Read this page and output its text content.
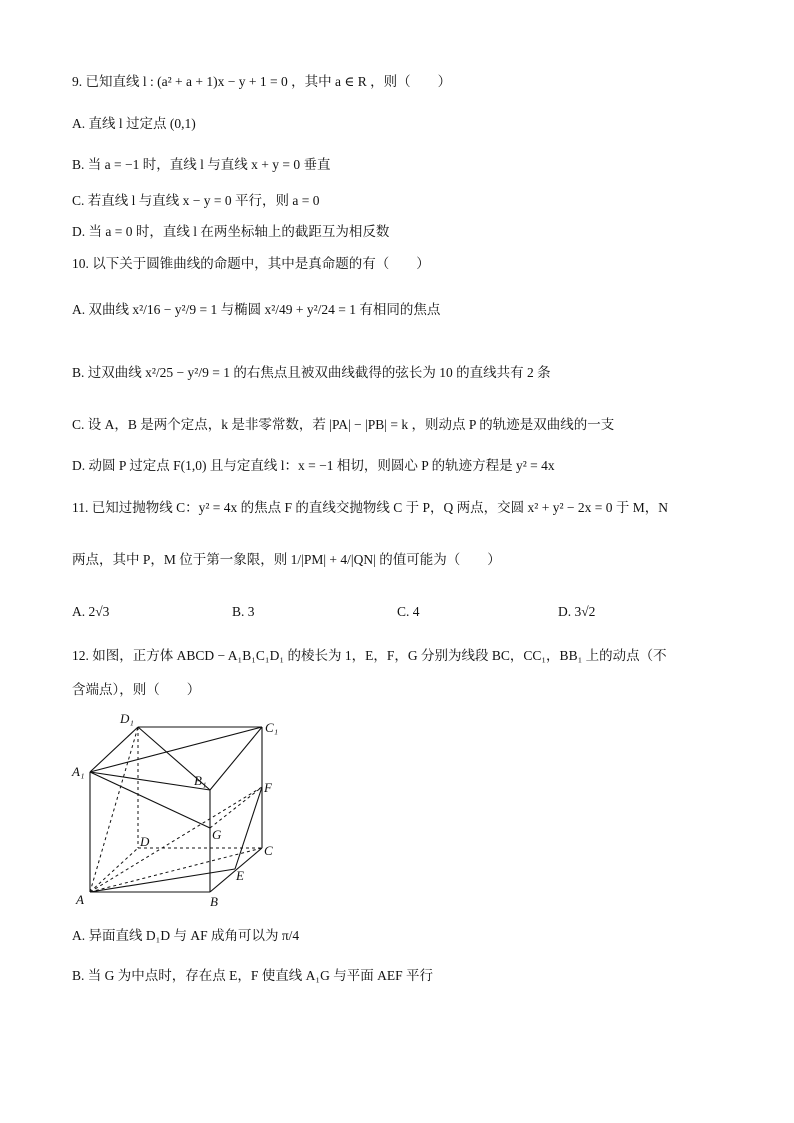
9. 已知直线 l : (a² + a + 1)x − y + 1 = 0 ，其中 a ∈ R ，则（　　）
A. 直线 l 过定点 (0,1)
B. 当 a = −1 时，直线 l 与直线 x + y = 0 垂直
C. 若直线 l 与直线 x − y = 0 平行，则 a = 0
D. 当 a = 0 时，直线 l 在两坐标轴上的截距互为相反数
10. 以下关于圆锥曲线的命题中，其中是真命题的有（　　）
A. 双曲线 x²/16 − y²/9 = 1 与椭圆 x²/49 + y²/24 = 1 有相同的焦点
B. 过双曲线 x²/25 − y²/9 = 1 的右焦点且被双曲线截得的弦长为 10 的直线共有 2 条
C. 设 A，B 是两个定点，k 是非零常数，若 |PA| − |PB| = k ，则动点 P 的轨迹是双曲线的一支
D. 动圆 P 过定点 F(1,0) 且与定直线 l：x = −1 相切，则圆心 P 的轨迹方程是 y² = 4x
11. 已知过抛物线 C：y² = 4x 的焦点 F 的直线交抛物线 C 于 P，Q 两点，交圆 x² + y² − 2x = 0 于 M，N
两点，其中 P，M 位于第一象限，则 1/|PM| + 4/|QN| 的值可能为（　　）
A. 2√3	B. 3	C. 4	D. 3√2
12. 如图，正方体 ABCD − A₁B₁C₁D₁ 的棱长为 1，E，F，G 分别为线段 BC，CC₁，BB₁ 上的动点（不
含端点），则（　　）
D₁
C₁
A₁
B₁	F
G
D
C
E
A	B
A. 异面直线 D₁D 与 AF 成角可以为 π/4
B. 当 G 为中点时，存在点 E，F 使直线 A₁G 与平面 AEF 平行
